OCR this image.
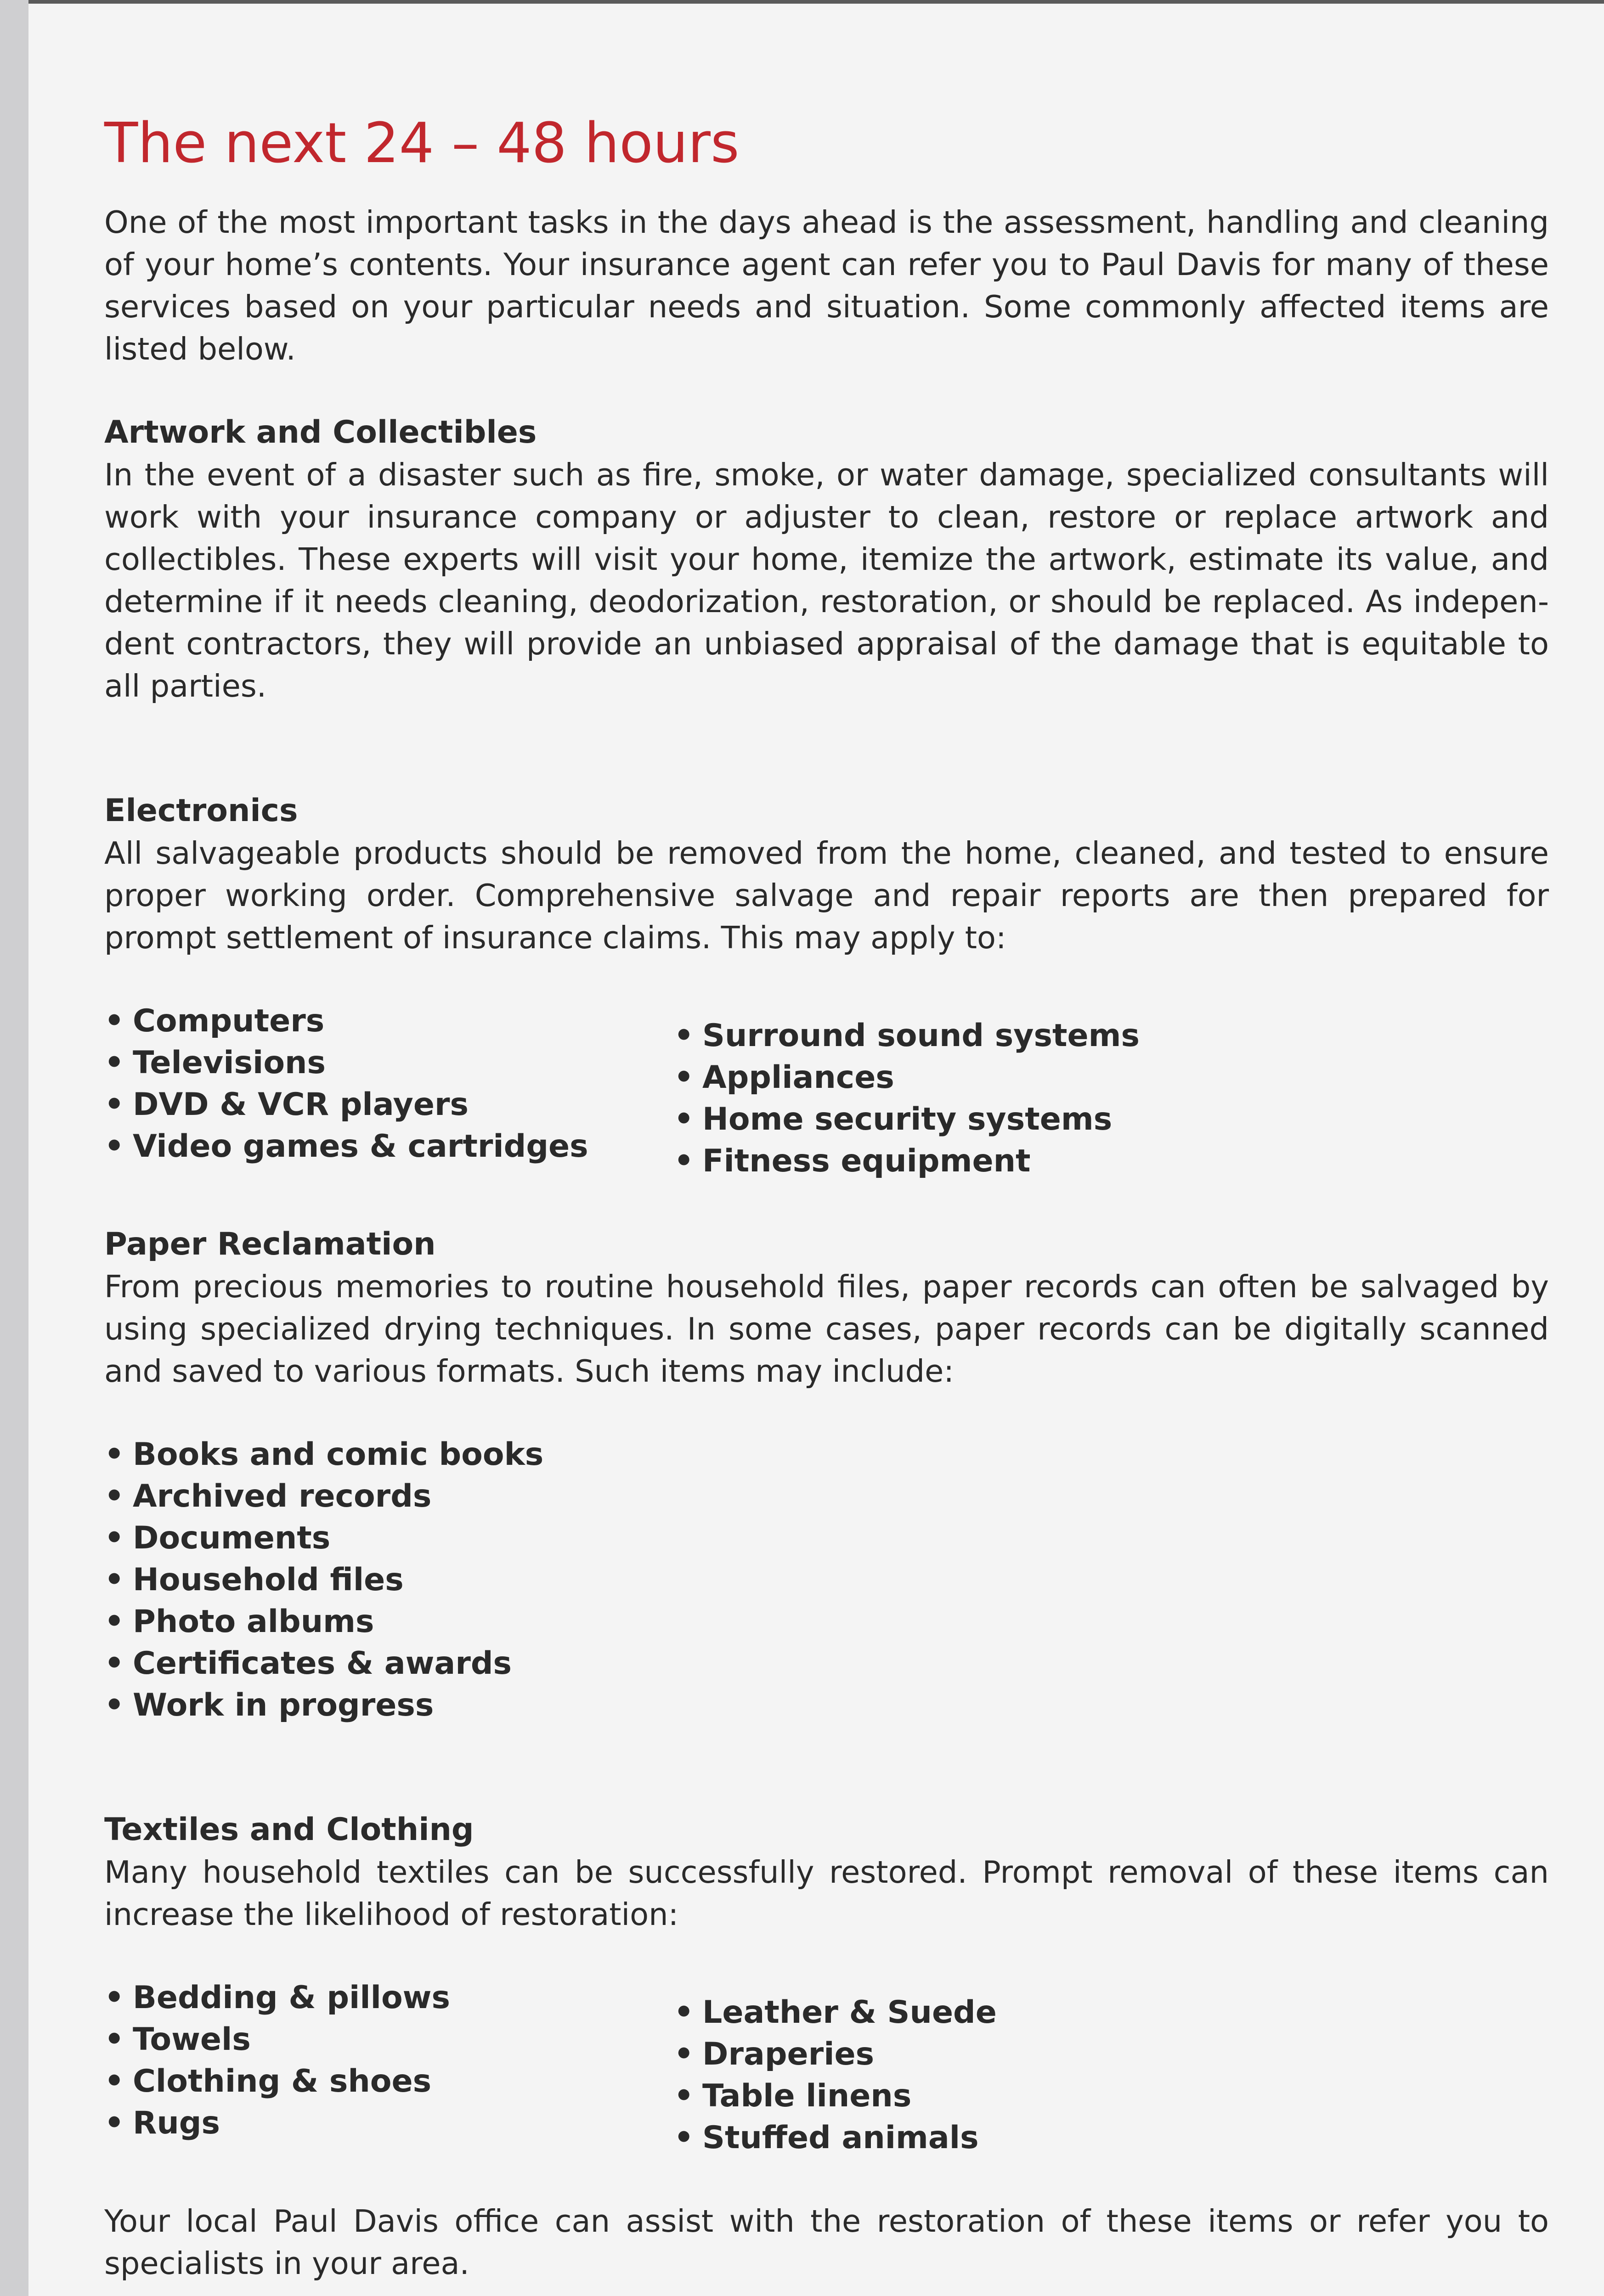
The next 24 – 48 hours

One of the most important tasks in the days ahead is the assessment, handling and cleaning of your home’s contents. Your insurance agent can refer you to Paul Davis for many of these services based on your particular needs and situation. Some commonly affected items are listed below.

Artwork and Collectibles

In the event of a disaster such as fire, smoke, or water damage, specialized consultants will work with your insurance company or adjuster to clean, restore or replace artwork and collectibles. These experts will visit your home, itemize the artwork, estimate its value, and determine if it needs cleaning, deodorization, restoration, or should be replaced. As independent contractors, they will provide an unbiased appraisal of the damage that is equitable to all parties.

Electronics

All salvageable products should be removed from the home, cleaned, and tested to ensure proper working order. Comprehensive salvage and repair reports are then prepared for prompt settlement of insurance claims. This may apply to:

• Computers
• Televisions
• DVD & VCR players
• Video games & cartridges
• Surround sound systems
• Appliances
• Home security systems
• Fitness equipment
Paper Reclamation

From precious memories to routine household files, paper records can often be salvaged by using specialized drying techniques. In some cases, paper records can be digitally scanned and saved to various formats. Such items may include:

• Books and comic books
• Archived records
• Documents
• Household files
• Photo albums
• Certificates & awards
• Work in progress
Textiles and Clothing

Many household textiles can be successfully restored. Prompt removal of these items can increase the likelihood of restoration:

• Bedding & pillows
• Towels
• Clothing & shoes
• Rugs
• Leather & Suede
• Draperies
• Table linens
• Stuffed animals

Your local Paul Davis office can assist with the restoration of these items or refer you to specialists in your area.
